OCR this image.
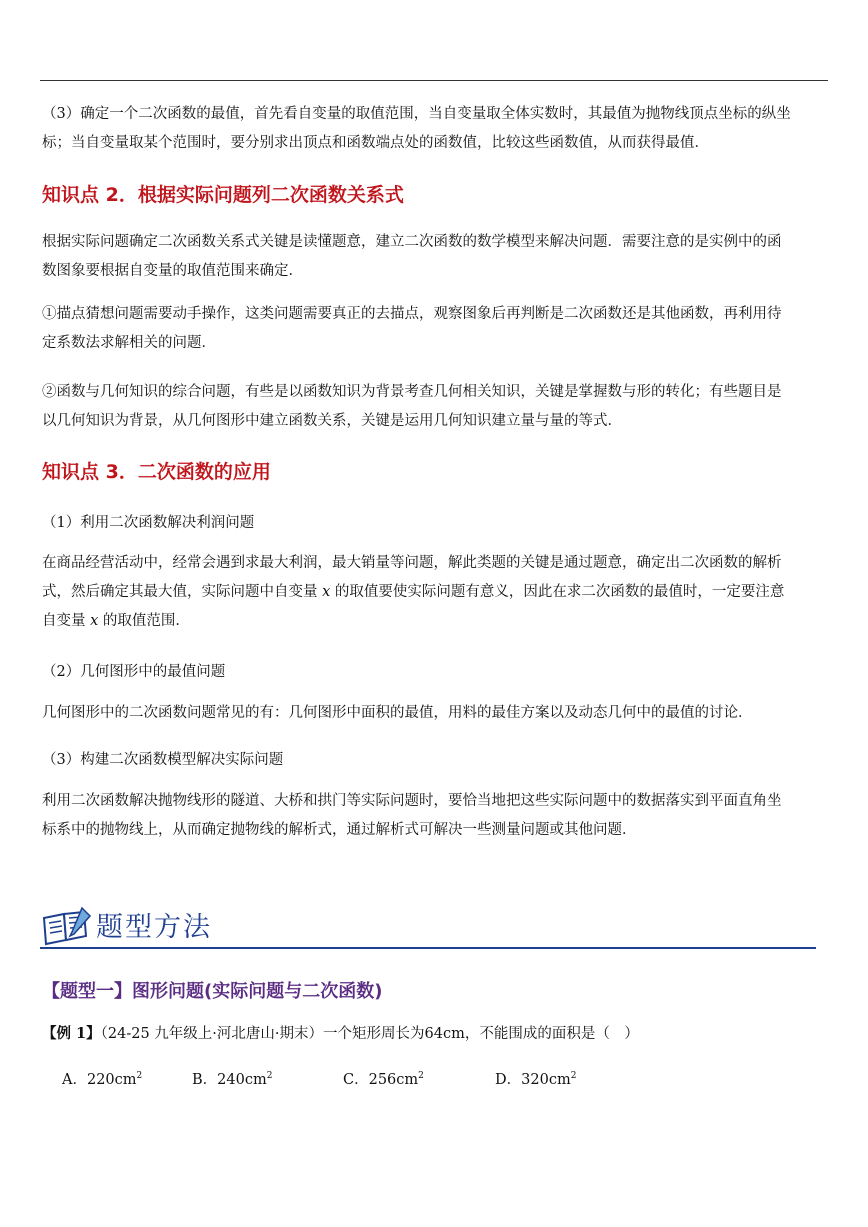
（3）确定一个二次函数的最值，首先看自变量的取值范围，当自变量取全体实数时，其最值为抛物线顶点坐标的纵坐
标；当自变量取某个范围时，要分别求出顶点和函数端点处的函数值，比较这些函数值，从而获得最值．
知识点 2．根据实际问题列二次函数关系式
根据实际问题确定二次函数关系式关键是读懂题意，建立二次函数的数学模型来解决问题．需要注意的是实例中的函
数图象要根据自变量的取值范围来确定．
①描点猜想问题需要动手操作，这类问题需要真正的去描点，观察图象后再判断是二次函数还是其他函数，再利用待
定系数法求解相关的问题．
②函数与几何知识的综合问题，有些是以函数知识为背景考查几何相关知识，关键是掌握数与形的转化；有些题目是
以几何知识为背景，从几何图形中建立函数关系，关键是运用几何知识建立量与量的等式．
知识点 3．二次函数的应用
（1）利用二次函数解决利润问题
在商品经营活动中，经常会遇到求最大利润，最大销量等问题，解此类题的关键是通过题意，确定出二次函数的解析
式，然后确定其最大值，实际问题中自变量 x 的取值要使实际问题有意义，因此在求二次函数的最值时，一定要注意
自变量 x 的取值范围．
（2）几何图形中的最值问题
几何图形中的二次函数问题常见的有：几何图形中面积的最值，用料的最佳方案以及动态几何中的最值的讨论．
（3）构建二次函数模型解决实际问题
利用二次函数解决抛物线形的隧道、大桥和拱门等实际问题时，要恰当地把这些实际问题中的数据落实到平面直角坐
标系中的抛物线上，从而确定抛物线的解析式，通过解析式可解决一些测量问题或其他问题．
题型方法
【题型一】图形问题(实际问题与二次函数)
【例 1】（24-25 九年级上·河北唐山·期末）一个矩形周长为64cm，不能围成的面积是（　）
A．$220cm^2$	B．$240cm^2$	C．$256cm^2$	D．$320cm^2$
